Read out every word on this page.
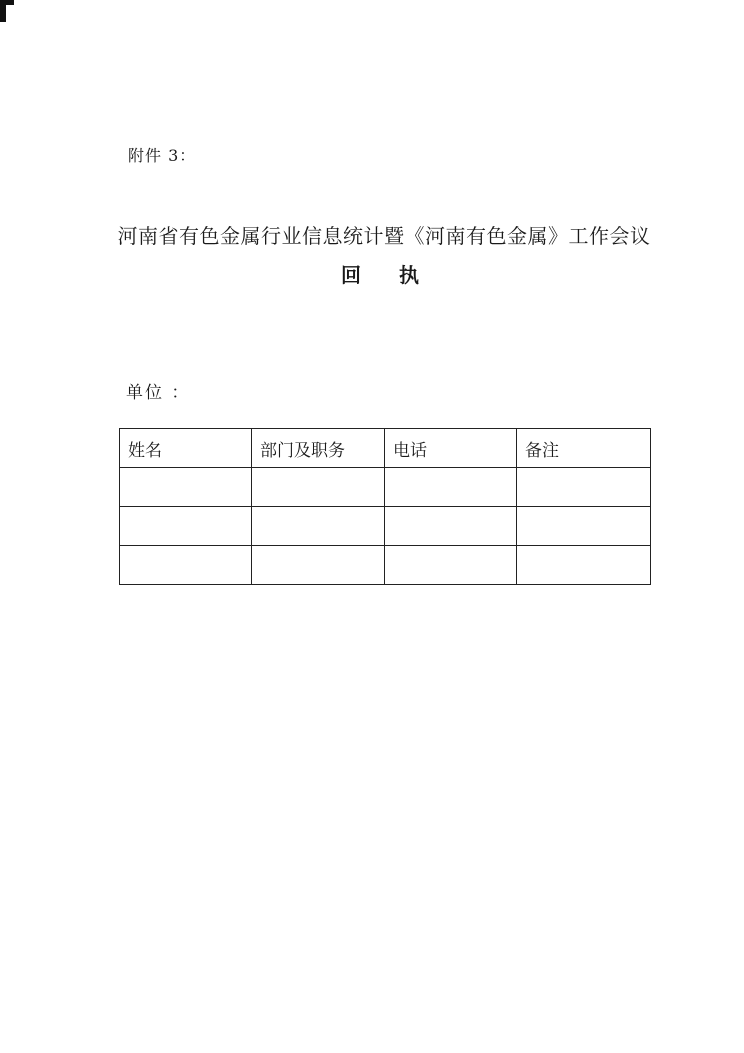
附件 3：
河南省有色金属行业信息统计暨《河南有色金属》工作会议
回执
单位 ：
姓名	部门及职务	电话	备注
